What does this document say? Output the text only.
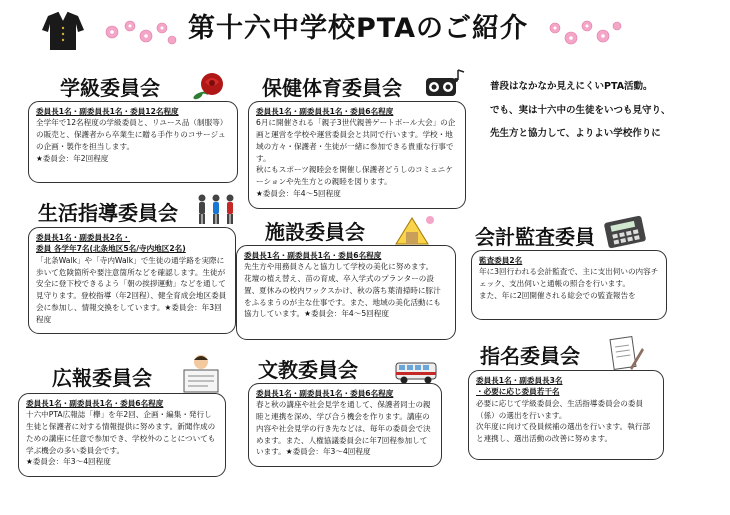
第十六中学校PTAのご紹介
学級委員会
委員長1名・副委員長1名・委員12名程度

全学年で12名程度の学級委員と、リユース品（制服等）の販売と、保護者から卒業生に贈る手作りのコサージュの企画・製作を担当します。

★委員会：年2回程度

保健体育委員会
委員長1名・副委員長1名・委員6名程度

6月に開催される「親子3世代親善ゲートボール大会」の企画と運営を学校や運営委員会と共同で行います。学校・地域の方々・保護者・生徒が一緒に参加できる貴重な行事です。

秋にもスポーツ親睦会を開催し保護者どうしのコミュニケーションや先生方との親睦を図ります。

★委員会：年4～5回程度

普段はなかなか見えにくいPTA活動。

でも、実は十六中の生徒をいつも見守り、

先生方と協力して、よりよい学校作りに

生活指導委員会
委員長1名・副委員長2名・
委員 各学年7名(北条地区5名/寺内地区2名)

「北条Walk」や「寺内Walk」で生徒の通学路を実際に歩いて危険箇所や要注意箇所などを確認します。生徒が安全に登下校できるよう「朝の挨拶運動」などを通して見守ります。登校指導（年2回程）、健全育成会地区委員会に参加し、情報交換をしています。★委員会：年3回程度

施設委員会
委員長1名・副委員長1名・委員6名程度

先生方や用務員さんと協力して学校の美化に努めます。

花壇の植え替え、苗の育成、卒入学式のプランターの設置、夏休みの校内ワックスかけ、秋の落ち葉清掃時に豚汁をふるまうのが主な仕事です。また、地域の美化活動にも協力しています。★委員会：年4～5回程度

会計監査委員
監査委員2名

年に3回行われる会計監査で、主に支出伺いの内容チェック、支出伺いと通帳の照合を行います。

また、年に2回開催される総会での監査報告を

広報委員会
委員長1名・副委員長1名・委員6名程度

十六中PTA広報誌「欅」を年2回、企画・編集・発行し生徒と保護者に対する情報提供に努めます。新聞作成のための講座に任意で参加でき、学校外のことについても学ぶ機会の多い委員会です。

★委員会：年3～4回程度

文教委員会
委員長1名・副委員長1名・委員6名程度

春と秋の講座や社会見学を通して、保護者同士の親睦と連携を深め、学び合う機会を作ります。講座の内容や社会見学の行き先などは、毎年の委員会で決めます。また、人権協議委員会に年7回程参加しています。★委員会：年3～4回程度

指名委員会
委員長1名・副委員長3名
・必要に応じ委員若干名

必要に応じて学級委員会、生活指導委員会の委員（係）の選出を行います。

次年度に向けて役員候補の選出を行います。執行部と連携し、選出活動の改善に努めます。
